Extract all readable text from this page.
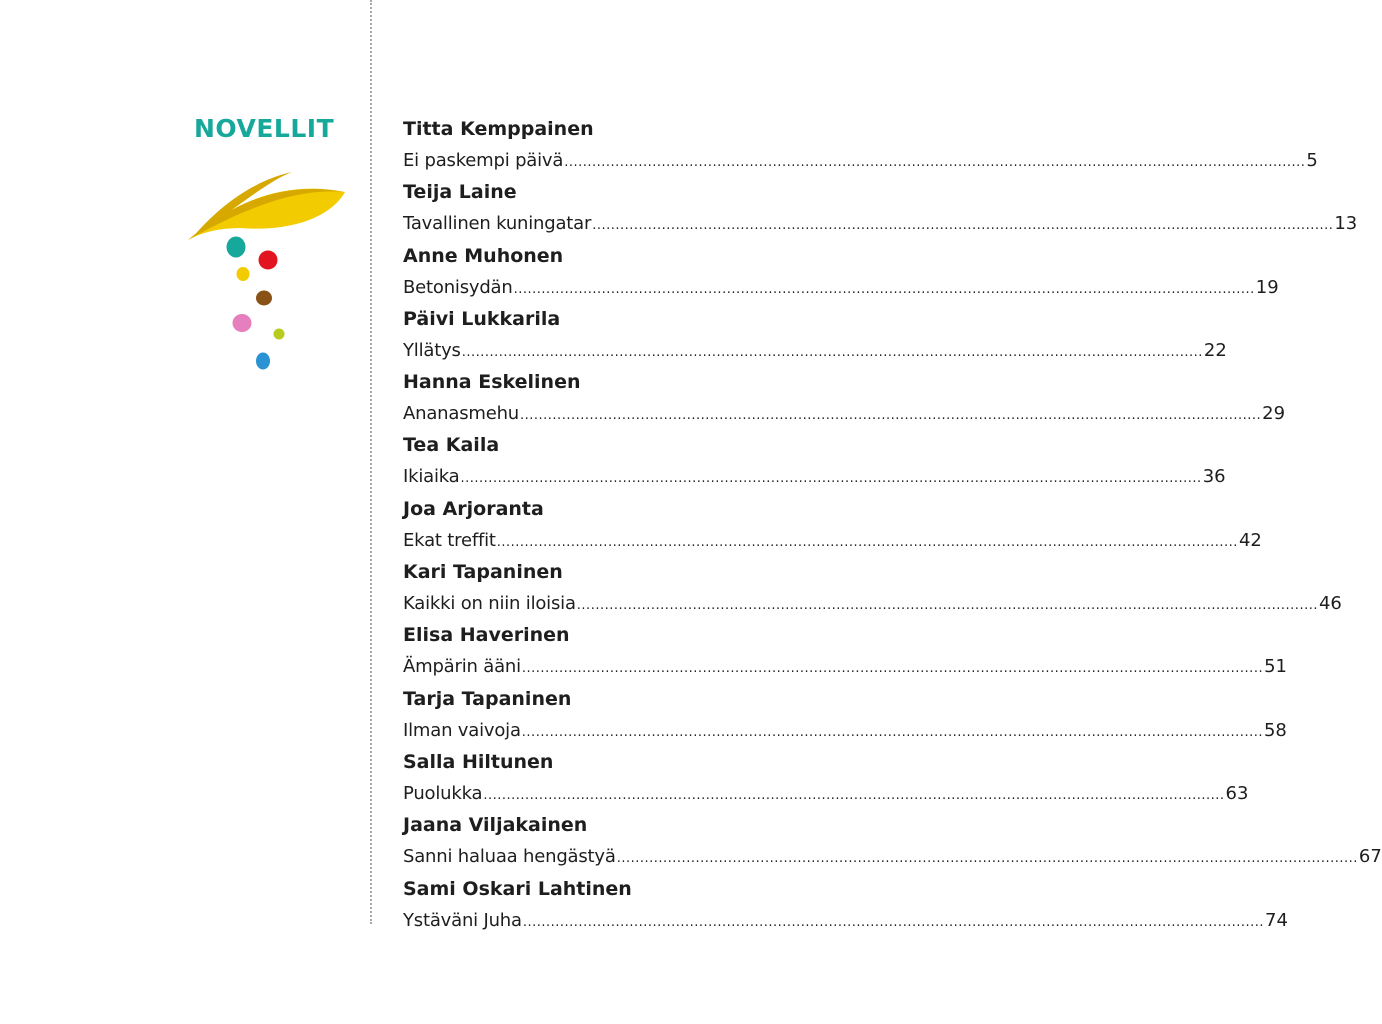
NOVELLIT	Titta Kemppainen
Ei paskempi päivä ................................................................................................................................................................ 5
Teija Laine
Tavallinen kuningatar ................................................................................................................................................................ 13
Anne Muhonen
Betonisydän ................................................................................................................................................................ 19
Päivi Lukkarila
Yllätys ................................................................................................................................................................ 22
Hanna Eskelinen
Ananasmehu ................................................................................................................................................................ 29
Tea Kaila
Ikiaika ................................................................................................................................................................ 36
Joa Arjoranta
Ekat treffit ................................................................................................................................................................ 42
Kari Tapaninen
Kaikki on niin iloisia ................................................................................................................................................................ 46
Elisa Haverinen
Ämpärin ääni ................................................................................................................................................................ 51
Tarja Tapaninen
Ilman vaivoja ................................................................................................................................................................ 58
Salla Hiltunen
Puolukka ................................................................................................................................................................ 63
Jaana Viljakainen
Sanni haluaa hengästyä ................................................................................................................................................................ 67
Sami Oskari Lahtinen
Ystäväni Juha ................................................................................................................................................................ 74
